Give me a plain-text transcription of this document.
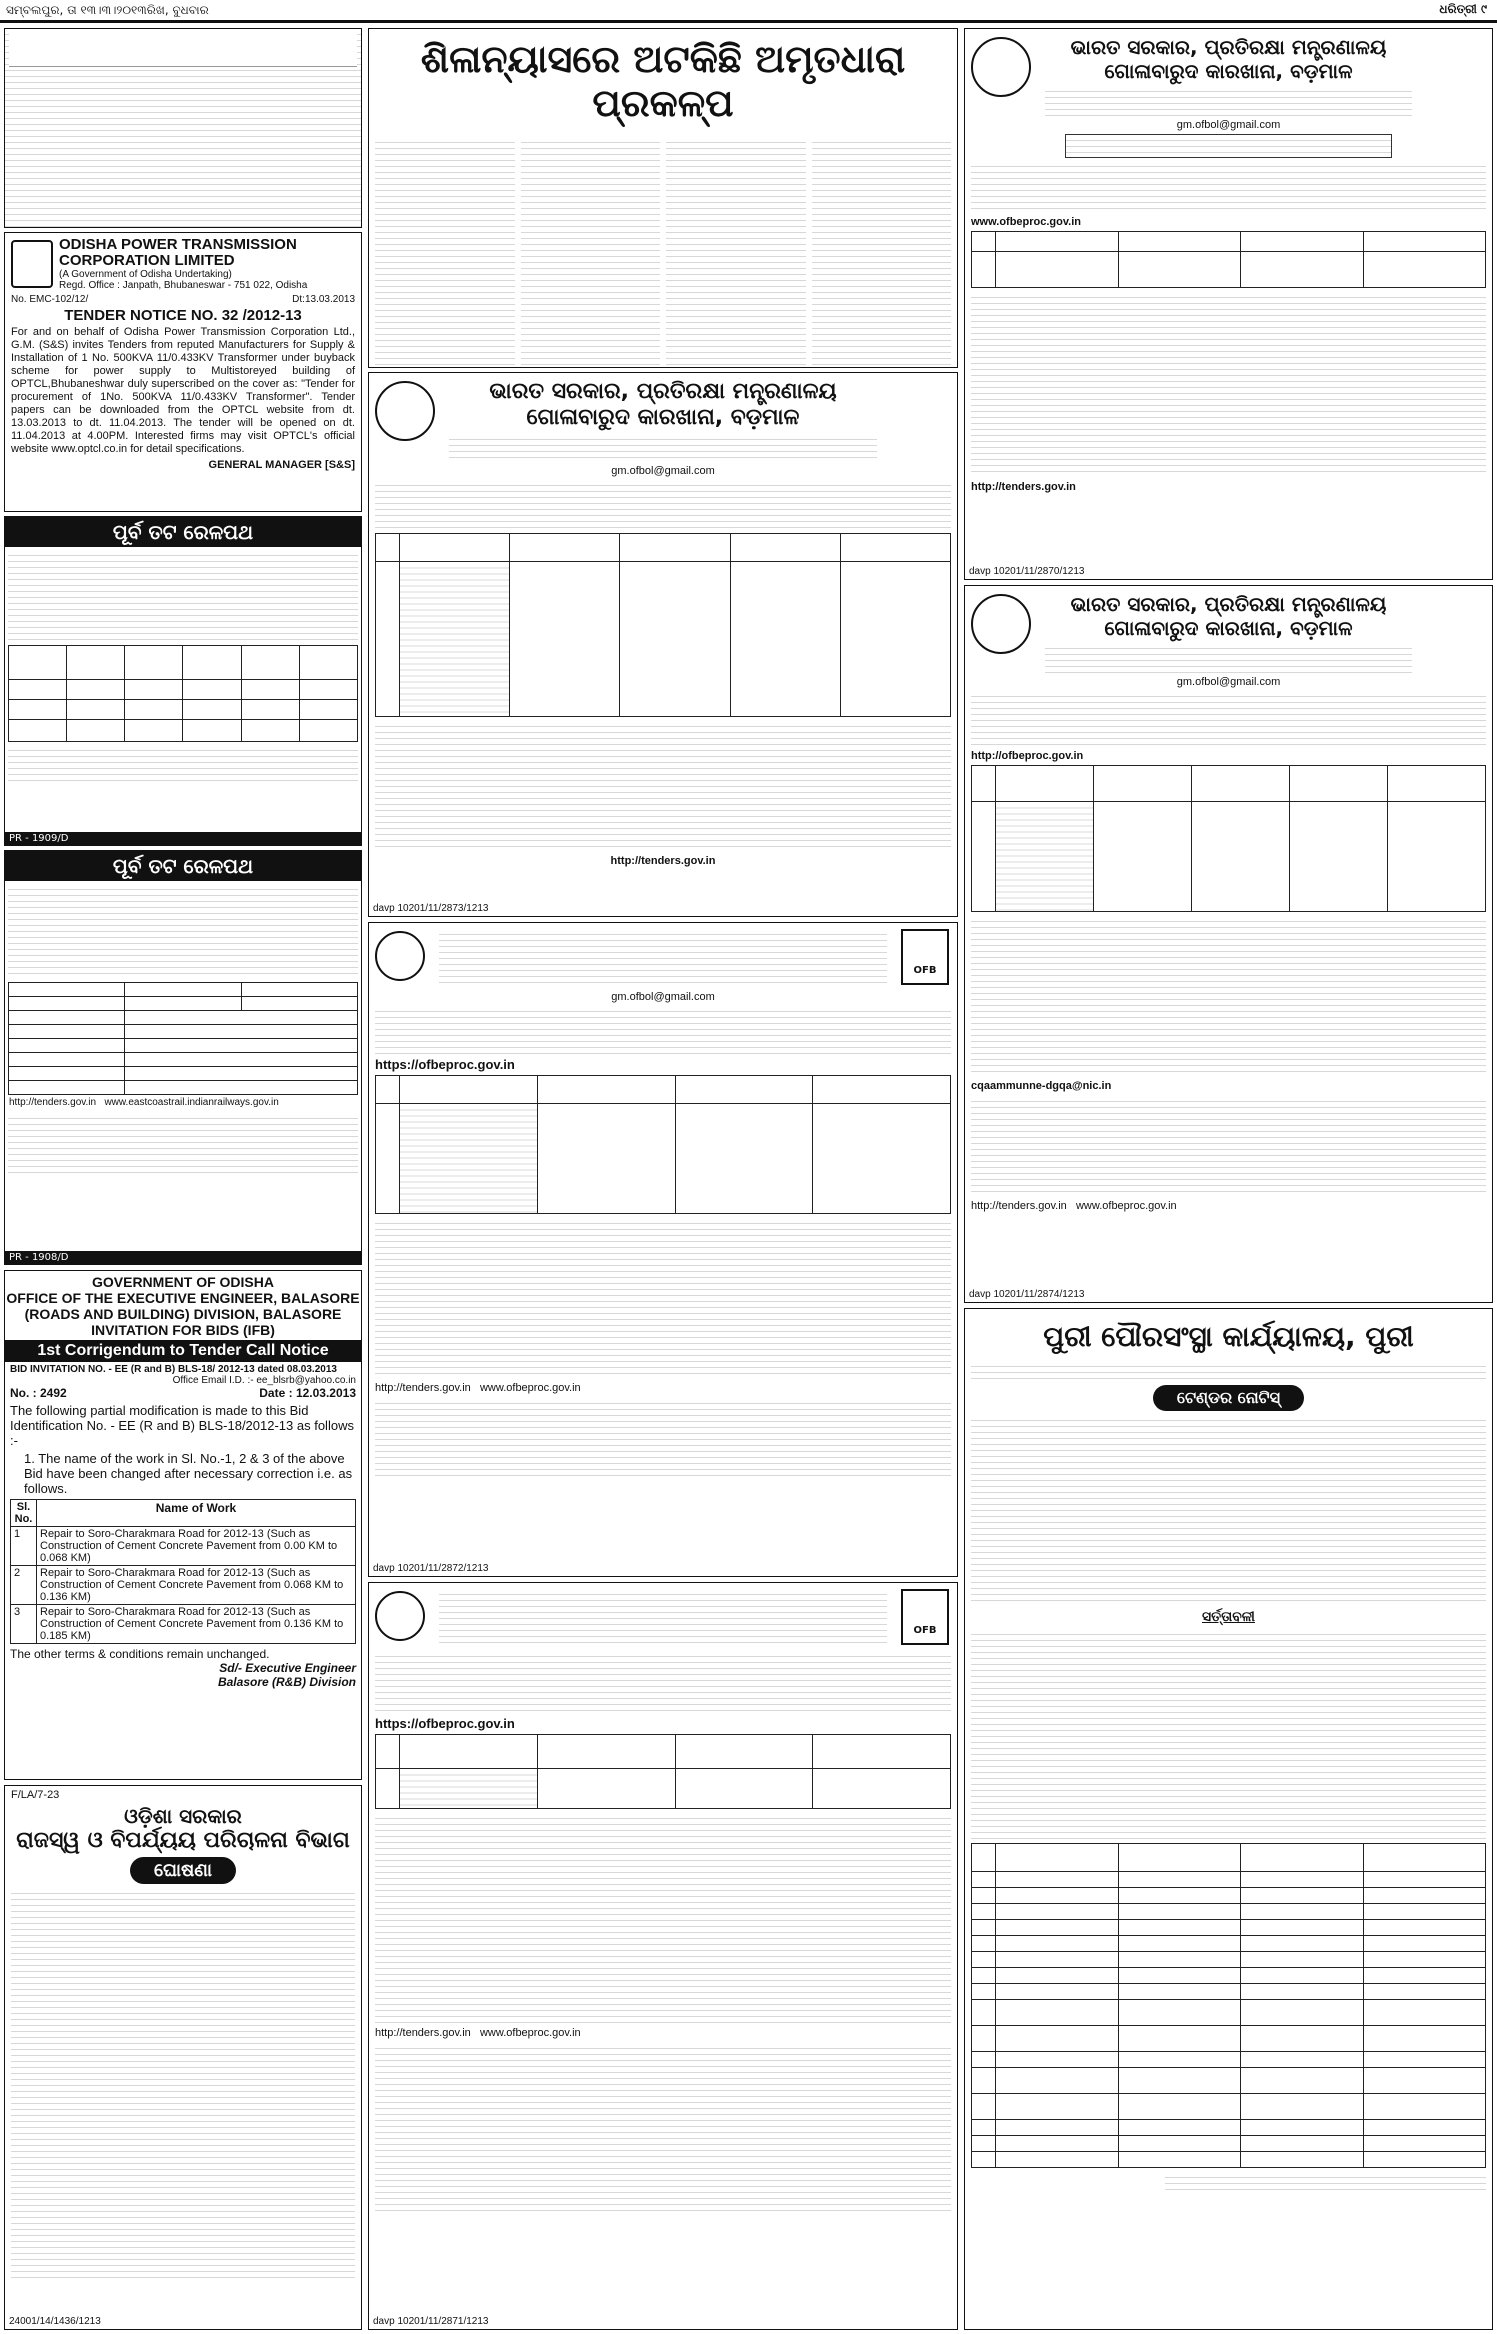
ସମ୍ବଲପୁର, ତା ୧୩।୩।୨୦୧୩ରିଖ, ବୁଧବାର	ଧରିତ୍ରୀ ୯
ODISHA POWER TRANSMISSION CORPORATION LIMITED
(A Government of Odisha Undertaking)
Regd. Office : Janpath, Bhubaneswar - 751 022, Odisha
No. EMC-102/12/	Dt:13.03.2013
TENDER NOTICE NO. 32 /2012-13
For and on behalf of Odisha Power Transmission Corporation Ltd., G.M. (S&S) invites Tenders from reputed Manufacturers for Supply & Installation of 1 No. 500KVA 11/0.433KV Transformer under buyback scheme for power supply to Multistoreyed building of OPTCL,Bhubaneshwar duly superscribed on the cover as: "Tender for procurement of 1No. 500KVA 11/0.433KV Transformer". Tender papers can be downloaded from the OPTCL website from dt. 13.03.2013 to dt. 11.04.2013. The tender will be opened on dt. 11.04.2013 at 4.00PM. Interested firms may visit OPTCL's official website www.optcl.co.in for detail specifications.
GENERAL MANAGER [S&S]
ପୂର୍ବ ତଟ ରେଳପଥ

PR - 1909/D
ପୂର୍ବ ତଟ ରେଳପଥ

http://tenders.gov.in www.eastcoastrail.indianrailways.gov.in
PR - 1908/D
GOVERNMENT OF ODISHA
OFFICE OF THE EXECUTIVE ENGINEER, BALASORE
(ROADS AND BUILDING) DIVISION, BALASORE
INVITATION FOR BIDS (IFB)
1st Corrigendum to Tender Call Notice
BID INVITATION NO. - EE (R and B) BLS-18/ 2012-13 dated 08.03.2013
Office Email I.D. :- ee_blsrb@yahoo.co.in
No. : 2492	Date : 12.03.2013
The following partial modification is made to this Bid Identification No. - EE (R and B) BLS-18/2012-13 as follows :-
1. The name of the work in Sl. No.-1, 2 & 3 of the above Bid have been changed after necessary correction i.e. as follows.
Sl. No.	Name of Work
1	Repair to Soro-Charakmara Road for 2012-13 (Such as Construction of Cement Concrete Pavement from 0.00 KM to 0.068 KM)
2	Repair to Soro-Charakmara Road for 2012-13 (Such as Construction of Cement Concrete Pavement from 0.068 KM to 0.136 KM)
3	Repair to Soro-Charakmara Road for 2012-13 (Such as Construction of Cement Concrete Pavement from 0.136 KM to 0.185 KM)
The other terms & conditions remain unchanged.
Sd/- Executive Engineer
Balasore (R&B) Division
F/LA/7-23
ଓଡ଼ିଶା ସରକାର
ରାଜସ୍ୱ ଓ ବିପର୍ଯ୍ୟୟ ପରିଚାଳନା ବିଭାଗ
ଘୋଷଣା
24001/14/1436/1213
ଶିଳାନ୍ୟାସରେ ଅଟକିଛି ଅମୃତଧାରା ପ୍ରକଳ୍ପ
ଭାରତ ସରକାର, ପ୍ରତିରକ୍ଷା ମନ୍ତ୍ରଣାଳୟ
ଗୋଳାବାରୁଦ କାରଖାନା, ବଡ଼ମାଳ
gm.ofbol@gmail.com

http://tenders.gov.in
davp 10201/11/2873/1213
OFB
gm.ofbol@gmail.com
https://ofbeproc.gov.in

http://tenders.gov.in www.ofbeproc.gov.in
davp 10201/11/2872/1213
OFB
https://ofbeproc.gov.in

http://tenders.gov.in www.ofbeproc.gov.in
davp 10201/11/2871/1213
ଭାରତ ସରକାର, ପ୍ରତିରକ୍ଷା ମନ୍ତ୍ରଣାଳୟ
ଗୋଳାବାରୁଦ କାରଖାନା, ବଡ଼ମାଳ
gm.ofbol@gmail.com
www.ofbeproc.gov.in

http://tenders.gov.in
davp 10201/11/2870/1213
ଭାରତ ସରକାର, ପ୍ରତିରକ୍ଷା ମନ୍ତ୍ରଣାଳୟ
ଗୋଳାବାରୁଦ କାରଖାନା, ବଡ଼ମାଳ
gm.ofbol@gmail.com
http://ofbeproc.gov.in

cqaammunne-dgqa@nic.in
http://tenders.gov.in www.ofbeproc.gov.in
davp 10201/11/2874/1213
ପୁରୀ ପୌରସଂସ୍ଥା କାର୍ଯ୍ୟାଳୟ, ପୁରୀ
ଟେଣ୍ଡର ନୋଟିସ୍
ସର୍ତ୍ତାବଳୀ
